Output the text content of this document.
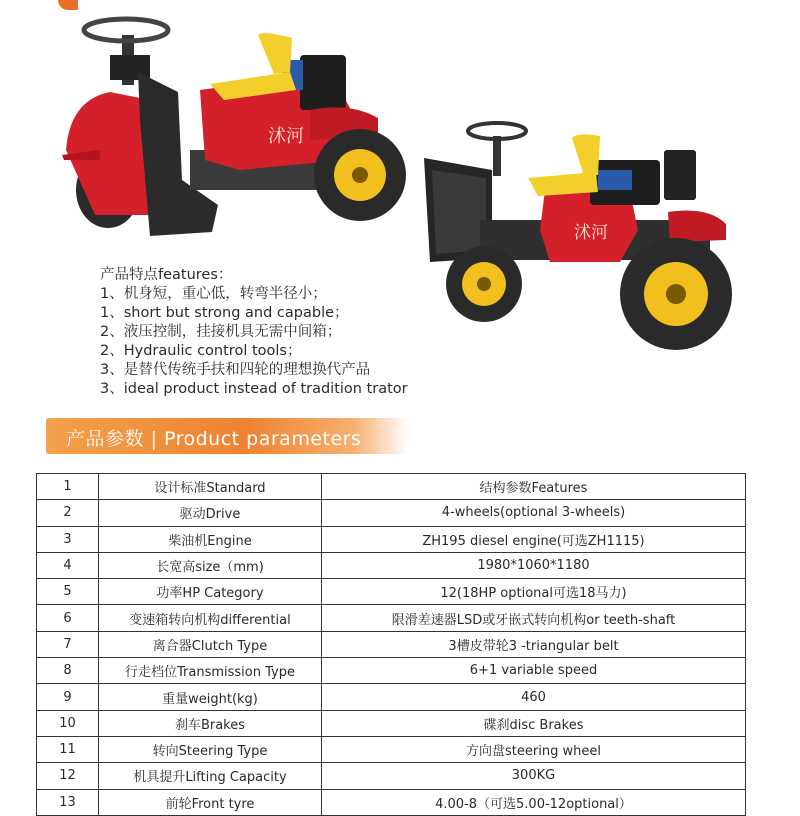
沭河
沭河
产品特点features：
1、机身短，重心低，转弯半径小；
1、short but strong and capable；
2、液压控制，挂接机具无需中间箱；
2、Hydraulic control tools；
3、是替代传统手扶和四轮的理想换代产品
3、ideal product instead of tradition trator
产品参数 | Product parameters
1	设计标准Standard	结构参数Features
2	驱动Drive	4-wheels(optional 3-wheels)
3	柴油机Engine	ZH195 diesel engine(可选ZH1115)
4	长宽高size（mm)	1980*1060*1180
5	功率HP Category	12(18HP optional可选18马力)
6	变速箱转向机构differential	限滑差速器LSD或牙嵌式转向机构or teeth-shaft
7	离合器Clutch Type	3槽皮带轮3 -triangular belt
8	行走档位Transmission Type	6+1 variable speed
9	重量weight(kg)	460
10	刹车Brakes	碟刹disc Brakes
11	转向Steering Type	方向盘steering wheel
12	机具提升Lifting Capacity	300KG
13	前轮Front tyre	4.00-8（可选5.00-12optional）
